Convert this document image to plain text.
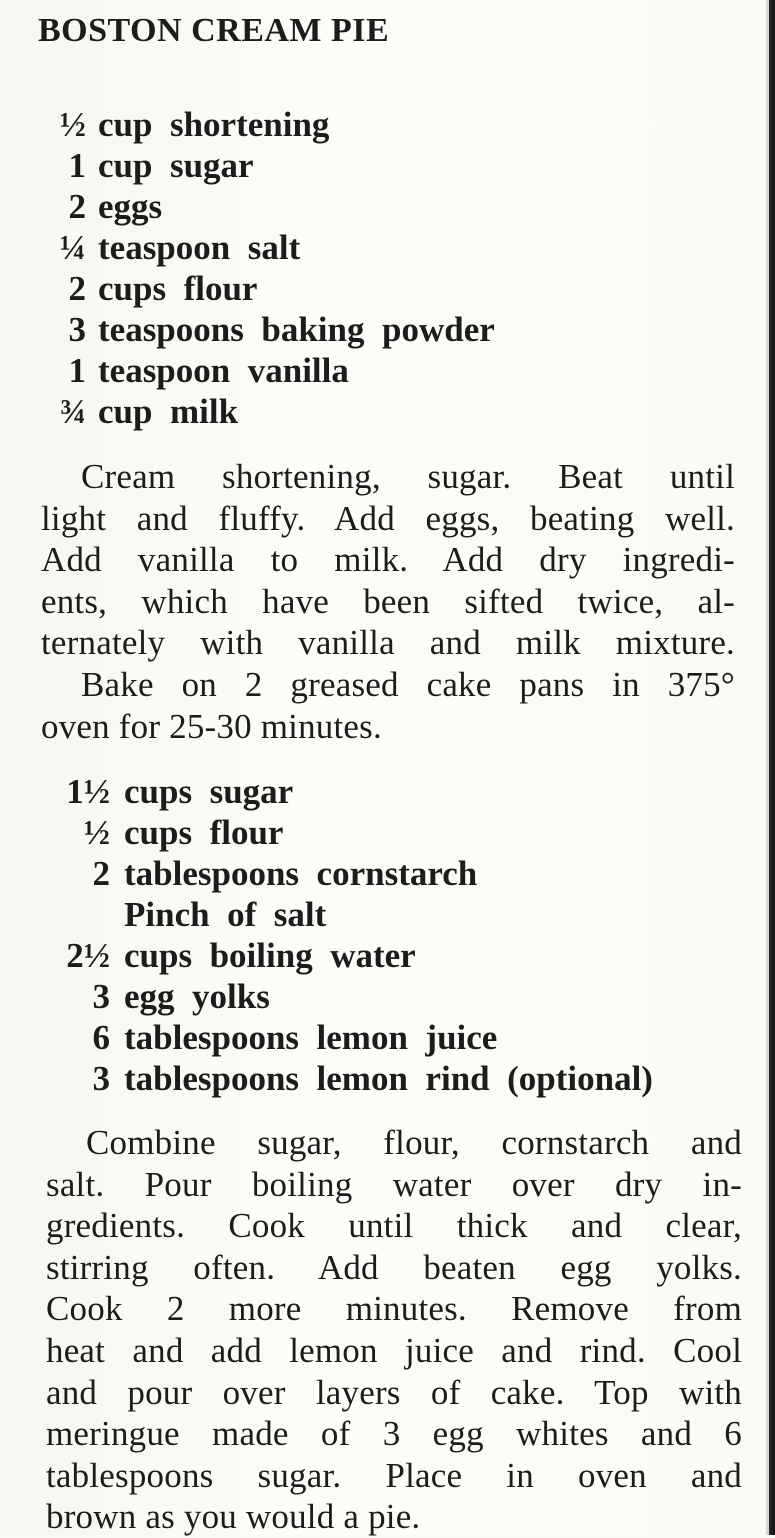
BOSTON CREAM PIE
½ cup  shortening
1 cup  sugar
2 eggs
¼ teaspoon  salt
2 cups  flour
3 teaspoons  baking  powder
1 teaspoon  vanilla
¾ cup  milk
Cream shortening, sugar. Beat until
light and fluffy. Add eggs, beating well.
Add vanilla to milk. Add dry ingredi-
ents, which have been sifted twice, al-
ternately with vanilla and milk mixture.
Bake on 2 greased cake pans in 375°
oven for 25-30 minutes.
1½ cups  sugar
½ cups  flour
2 tablespoons  cornstarch
Pinch  of  salt
2½ cups  boiling  water
3 egg  yolks
6 tablespoons  lemon  juice
3 tablespoons  lemon  rind  (optional)
Combine sugar, flour, cornstarch and
salt. Pour boiling water over dry in-
gredients. Cook until thick and clear,
stirring often. Add beaten egg yolks.
Cook 2 more minutes. Remove from
heat and add lemon juice and rind. Cool
and pour over layers of cake. Top with
meringue made of 3 egg whites and 6
tablespoons sugar. Place in oven and
brown as you would a pie.
